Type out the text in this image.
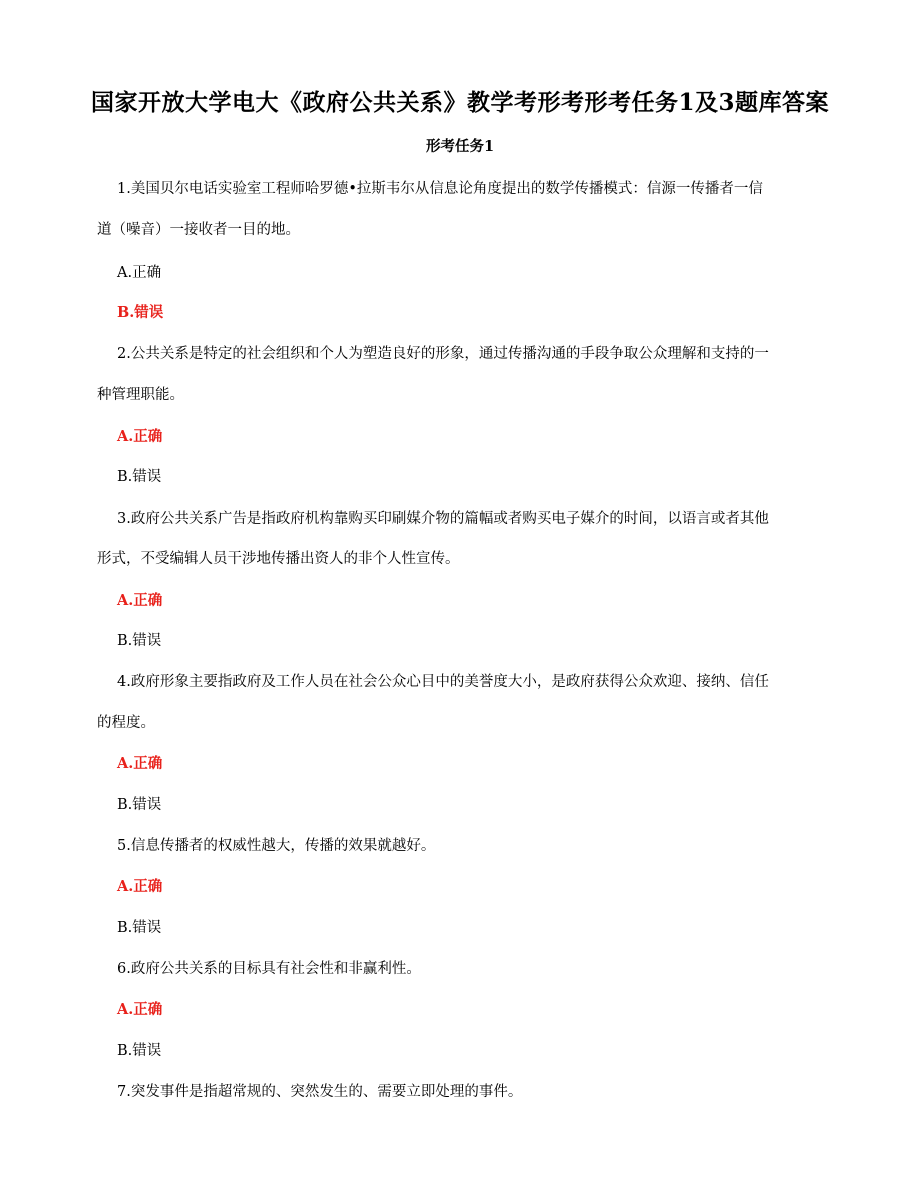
国家开放大学电大《政府公共关系》教学考形考形考任务1及3题库答案
形考任务1
1.美国贝尔电话实验室工程师哈罗德•拉斯韦尔从信息论角度提出的数学传播模式：信源一传播者一信
道（噪音）一接收者一目的地。
A.正确
B.错误
2.公共关系是特定的社会组织和个人为塑造良好的形象，通过传播沟通的手段争取公众理解和支持的一
种管理职能。
A.正确
B.错误
3.政府公共关系广告是指政府机构靠购买印刷媒介物的篇幅或者购买电子媒介的时间，以语言或者其他
形式，不受编辑人员干涉地传播出资人的非个人性宣传。
A.正确
B.错误
4.政府形象主要指政府及工作人员在社会公众心目中的美誉度大小，是政府获得公众欢迎、接纳、信任
的程度。
A.正确
B.错误
5.信息传播者的权威性越大，传播的效果就越好。
A.正确
B.错误
6.政府公共关系的目标具有社会性和非赢利性。
A.正确
B.错误
7.突发事件是指超常规的、突然发生的、需要立即处理的事件。
